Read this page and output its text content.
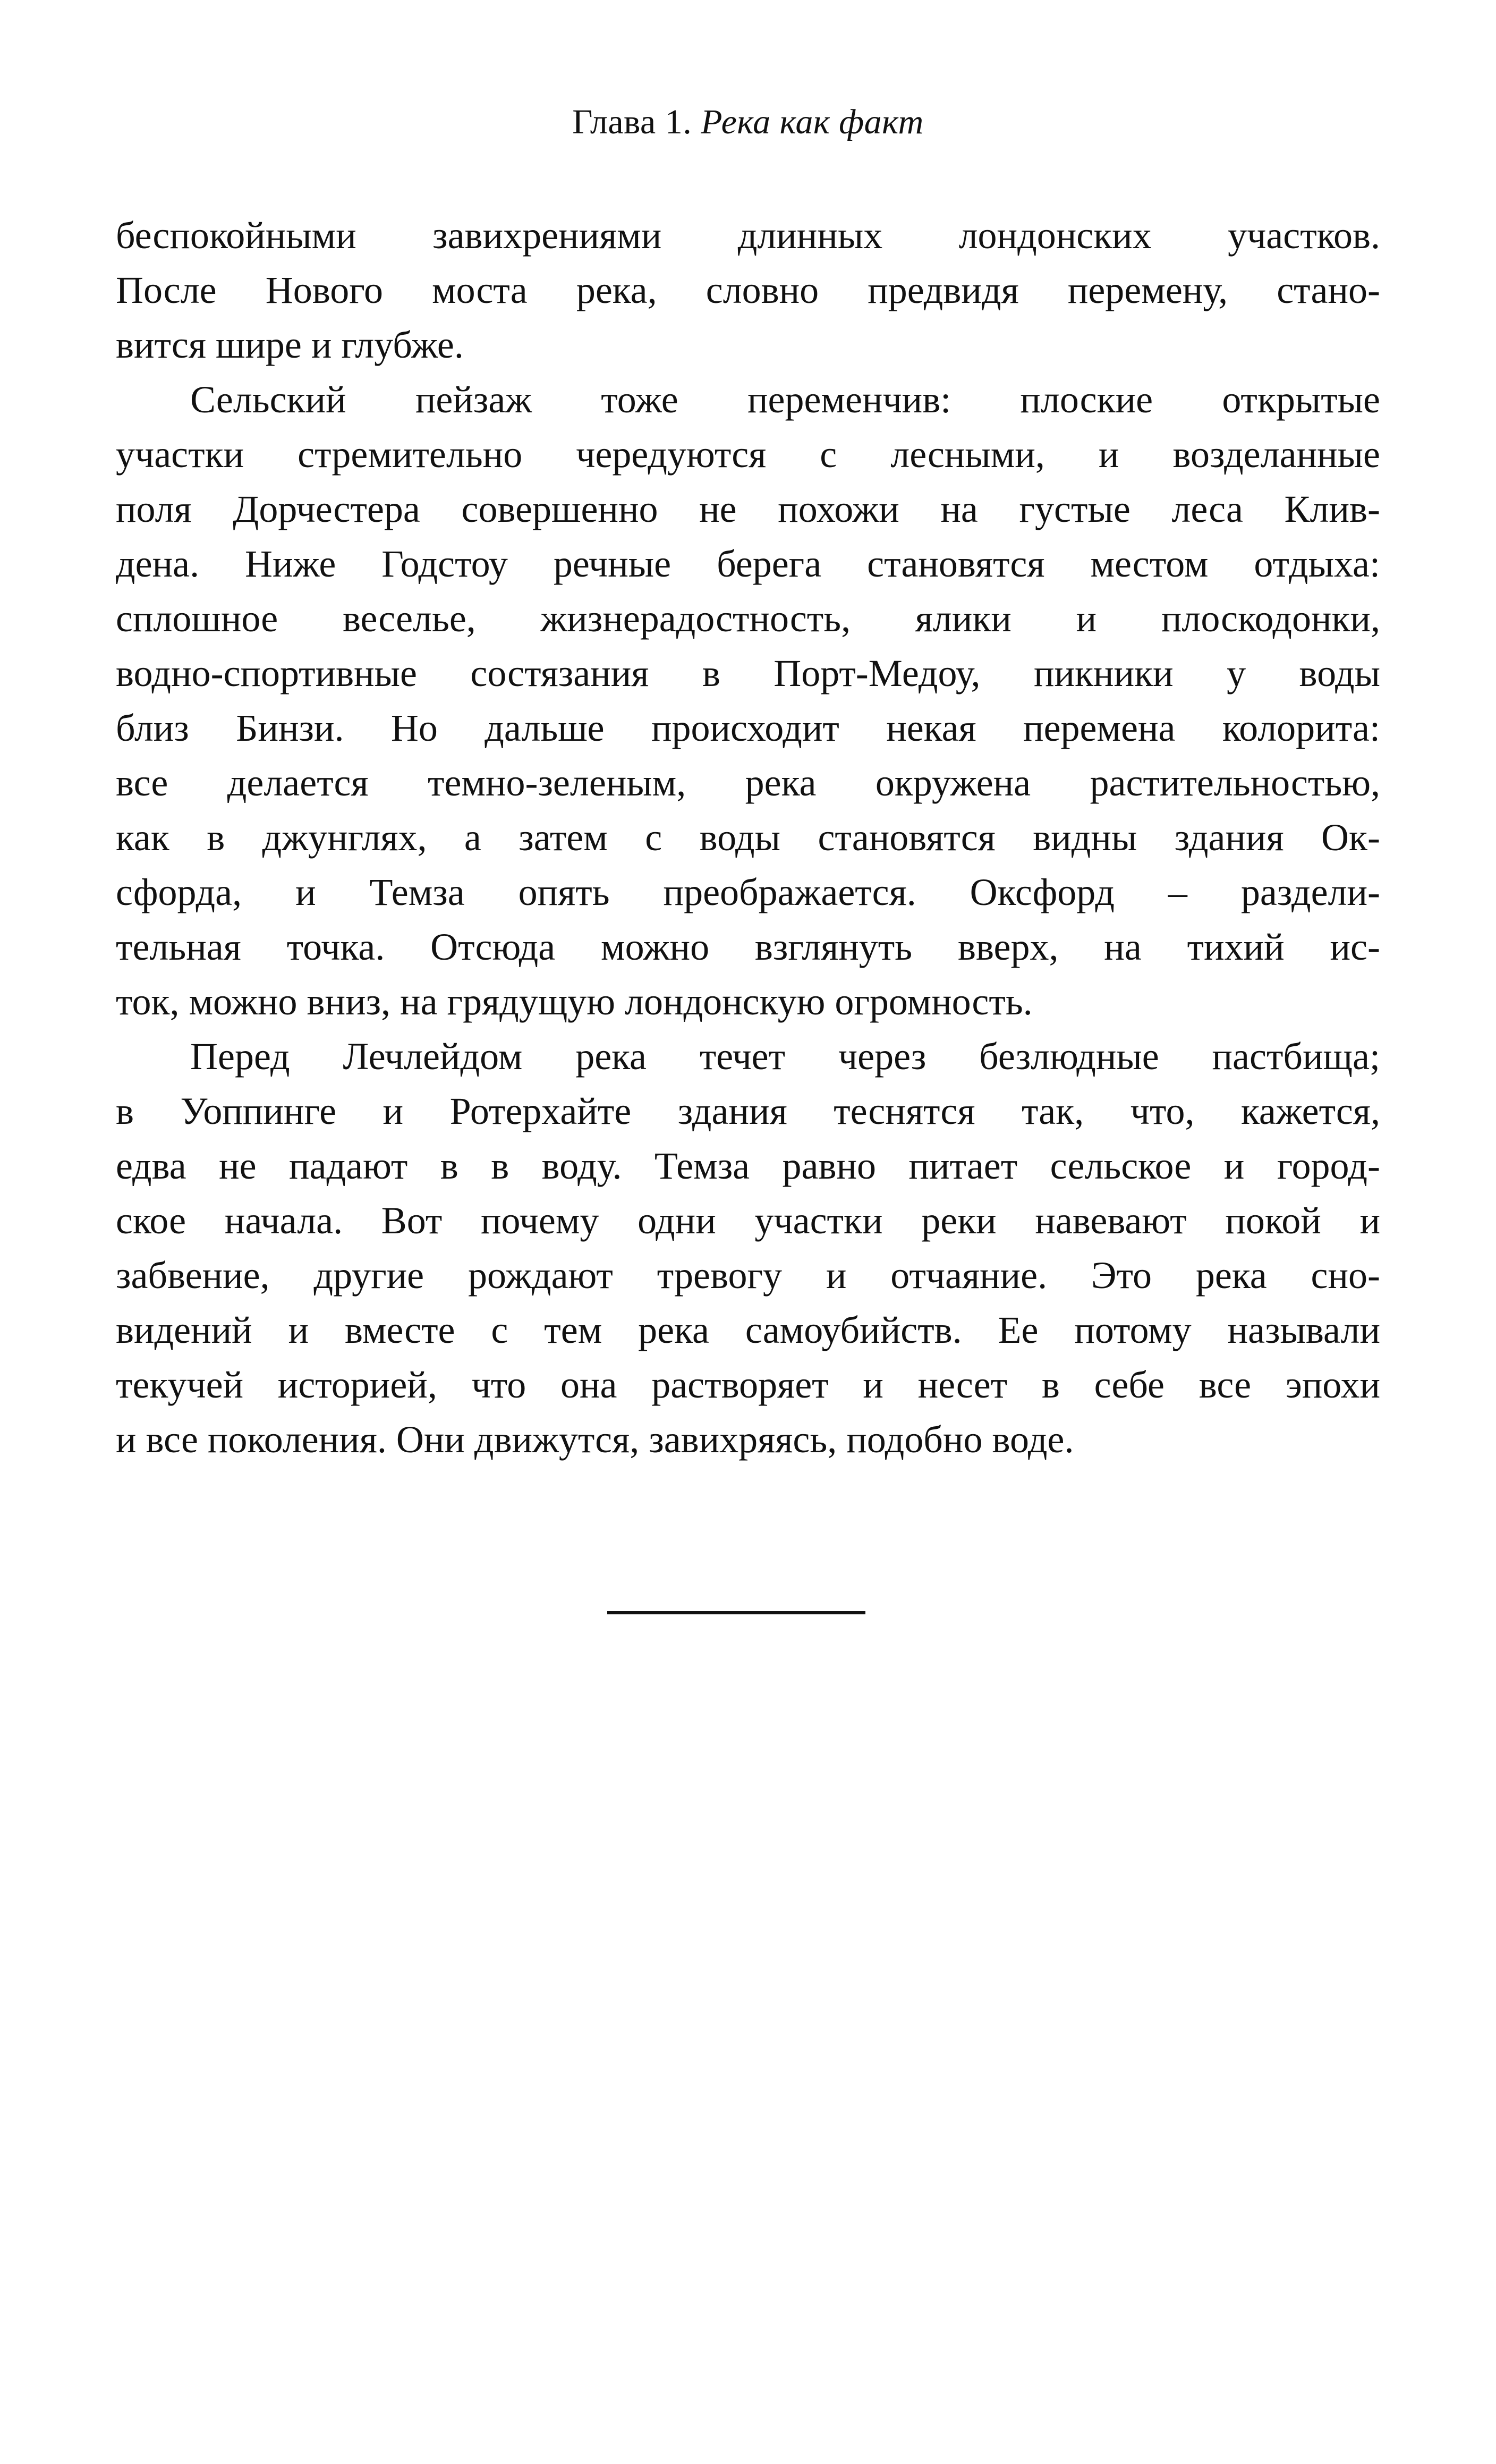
Глава 1. Река как факт
беспокойными завихрениями длинных лондонских участков.
После Нового моста река, словно предвидя перемену, стано-
вится шире и глубже.
Сельский пейзаж тоже переменчив: плоские открытые
участки стремительно чередуются с лесными, и возделанные
поля Дорчестера совершенно не похожи на густые леса Клив-
дена. Ниже Годстоу речные берега становятся местом отдыха:
сплошное веселье, жизнерадостность, ялики и плоскодонки,
водно-спортивные состязания в Порт-Медоу, пикники у воды
близ Бинзи. Но дальше происходит некая перемена колорита:
все делается темно-зеленым, река окружена растительностью,
как в джунглях, а затем с воды становятся видны здания Ок-
сфорда, и Темза опять преображается. Оксфорд – раздели-
тельная точка. Отсюда можно взглянуть вверх, на тихий ис-
ток, можно вниз, на грядущую лондонскую огромность.
Перед Лечлейдом река течет через безлюдные пастбища;
в Уоппинге и Ротерхайте здания теснятся так, что, кажется,
едва не падают в в воду. Темза равно питает сельское и город-
ское начала. Вот почему одни участки реки навевают покой и
забвение, другие рождают тревогу и отчаяние. Это река сно-
видений и вместе с тем река самоубийств. Ее потому называли
текучей историей, что она растворяет и несет в себе все эпохи
и все поколения. Они движутся, завихряясь, подобно воде.
